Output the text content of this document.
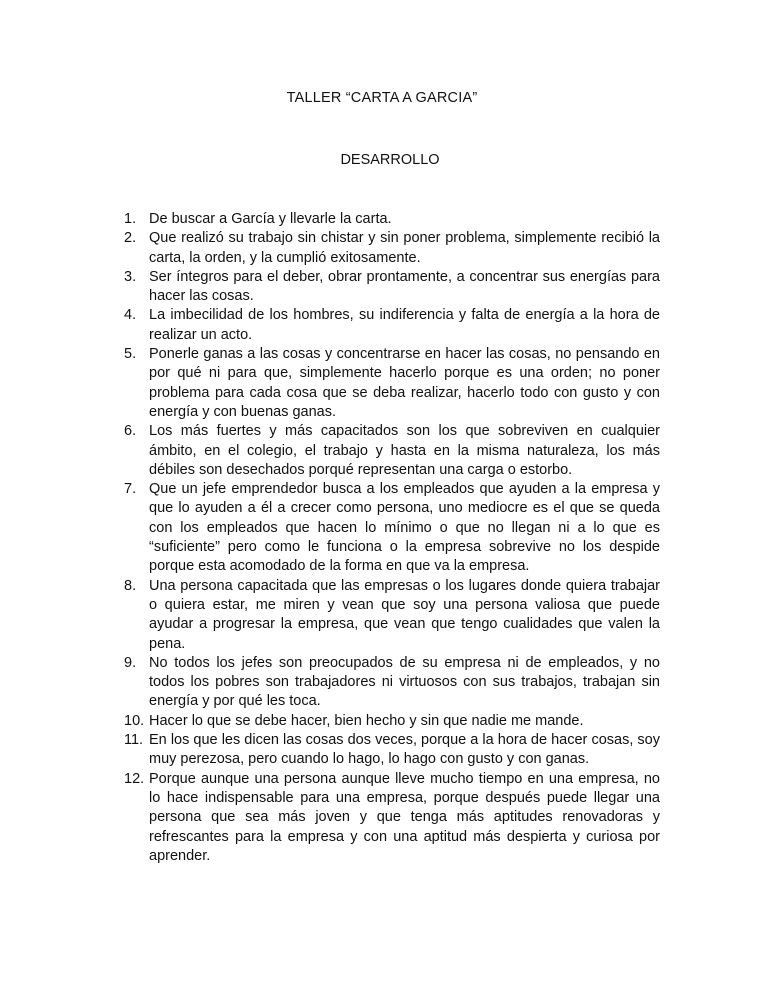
TALLER “CARTA A GARCIA”
DESARROLLO
1. De buscar a García y llevarle la carta.
2. Que realizó su trabajo sin chistar y sin poner problema, simplemente recibió la carta, la orden, y la cumplió exitosamente.
3. Ser íntegros para el deber, obrar prontamente, a concentrar sus energías para hacer las cosas.
4. La imbecilidad de los hombres, su indiferencia y falta de energía a la hora de realizar un acto.
5. Ponerle ganas a las cosas y concentrarse en hacer las cosas, no pensando en por qué ni para que, simplemente hacerlo porque es una orden; no poner problema para cada cosa que se deba realizar, hacerlo todo con gusto y con energía y con buenas ganas.
6. Los más fuertes y más capacitados son los que sobreviven en cualquier ámbito, en el colegio, el trabajo y hasta en la misma naturaleza, los más débiles son desechados porqué representan una carga o estorbo.
7. Que un jefe emprendedor busca a los empleados que ayuden a la empresa y que lo ayuden a él a crecer como persona, uno mediocre es el que se queda con los empleados que hacen lo mínimo o que no llegan ni a lo que es “suficiente” pero como le funciona o la empresa sobrevive no los despide porque esta acomodado de la forma en que va la empresa.
8. Una persona capacitada que las empresas o los lugares donde quiera trabajar o quiera estar, me miren y vean que soy una persona valiosa que puede ayudar a progresar la empresa, que vean que tengo cualidades que valen la pena.
9. No todos los jefes son preocupados de su empresa ni de empleados, y no todos los pobres son trabajadores ni virtuosos con sus trabajos, trabajan sin energía y por qué les toca.
10. Hacer lo que se debe hacer, bien hecho y sin que nadie me mande.
11. En los que les dicen las cosas dos veces, porque a la hora de hacer cosas, soy muy perezosa, pero cuando lo hago, lo hago con gusto y con ganas.
12. Porque aunque una persona aunque lleve mucho tiempo en una empresa, no lo hace indispensable para una empresa, porque después puede llegar una persona que sea más joven y que tenga más aptitudes renovadoras y refrescantes para la empresa y con una aptitud más despierta y curiosa por aprender.
